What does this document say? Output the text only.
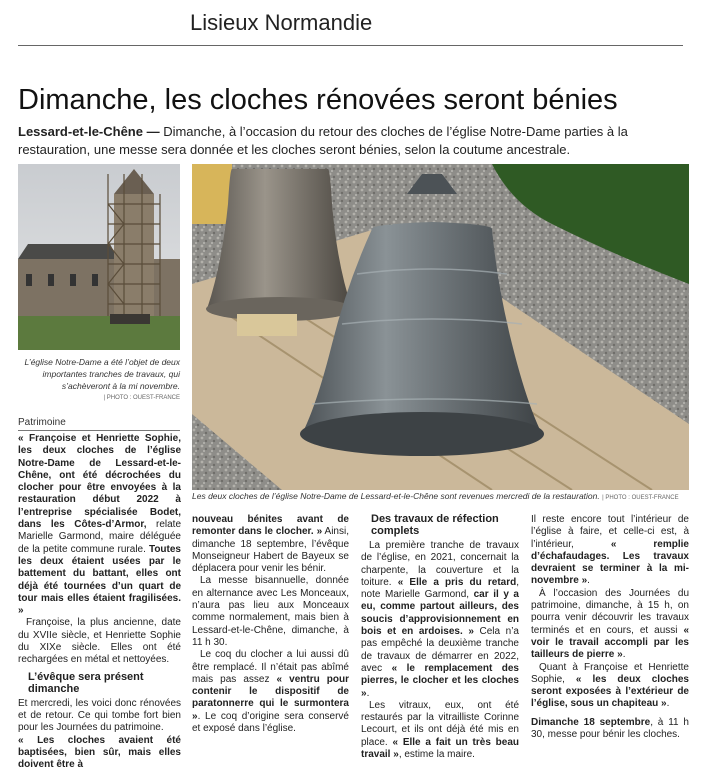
Lisieux Normandie
Dimanche, les cloches rénovées seront bénies
Lessard-et-le-Chêne — Dimanche, à l’occasion du retour des cloches de l’église Notre-Dame parties à la restauration, une messe sera donnée et les cloches seront bénies, selon la coutume ancestrale.
L’église Notre-Dame a été l’objet de deux importantes tranches de travaux, qui s’achèveront à la mi novembre.
| PHOTO : OUEST-FRANCE
Les deux cloches de l’église Notre-Dame de Lessard-et-le-Chêne sont revenues mercredi de la restauration. | PHOTO : OUEST-FRANCE
Patrimoine

« Françoise et Henriette Sophie, les deux cloches de l’église Notre-Dame de Lessard-et-le-Chêne, ont été décrochées du clocher pour être envoyées à la restauration début 2022 à l’entreprise spécialisée Bodet, dans les Côtes-d’Armor, relate Marielle Garmond, maire déléguée de la petite commune rurale. Toutes les deux étaient usées par le battement du battant, elles ont déjà été tournées d’un quart de tour mais elles étaient fragilisées. »

Françoise, la plus ancienne, date du XVIIe siècle, et Henriette Sophie du XIXe siècle. Elles ont été rechargées en métal et nettoyées.

L’évêque sera présent dimanche

Et mercredi, les voici donc rénovées et de retour. Ce qui tombe fort bien pour les Journées du patrimoine.

« Les cloches avaient été baptisées, bien sûr, mais elles doivent être à

nouveau bénites avant de remonter dans le clocher. » Ainsi, dimanche 18 septembre, l’évêque Monseigneur Habert de Bayeux se déplacera pour venir les bénir.

La messe bisannuelle, donnée en alternance avec Les Monceaux, n’aura pas lieu aux Monceaux comme normalement, mais bien à Lessard-et-le-Chêne, dimanche, à 11 h 30.

Le coq du clocher a lui aussi dû être remplacé. Il n’était pas abîmé mais pas assez « ventru pour contenir le dispositif de paratonnerre qui le surmontera ». Le coq d’origine sera conservé et exposé dans l’église.

Des travaux de réfection complets

La première tranche de travaux de l’église, en 2021, concernait la charpente, la couverture et la toiture. « Elle a pris du retard, note Marielle Garmond, car il y a eu, comme partout ailleurs, des soucis d’approvisionnement en bois et en ardoises. » Cela n’a pas empêché la deuxième tranche de travaux de démarrer en 2022, avec « le remplacement des pierres, le clocher et les cloches ».

Les vitraux, eux, ont été restaurés par la vitrailliste Corinne Lecourt, et ils ont déjà été mis en place. « Elle a fait un très beau travail », estime la maire.

Il reste encore tout l’intérieur de l’église à faire, et celle-ci est, à l’intérieur, « remplie d’échafaudages. Les travaux devraient se terminer à la mi-novembre ».

À l’occasion des Journées du patrimoine, dimanche, à 15 h, on pourra venir découvrir les travaux terminés et en cours, et aussi « voir le travail accompli par les tailleurs de pierre ».

Quant à Françoise et Henriette Sophie, « les deux cloches seront exposées à l’extérieur de l’église, sous un chapiteau ».

Dimanche 18 septembre, à 11 h 30, messe pour bénir les cloches.
